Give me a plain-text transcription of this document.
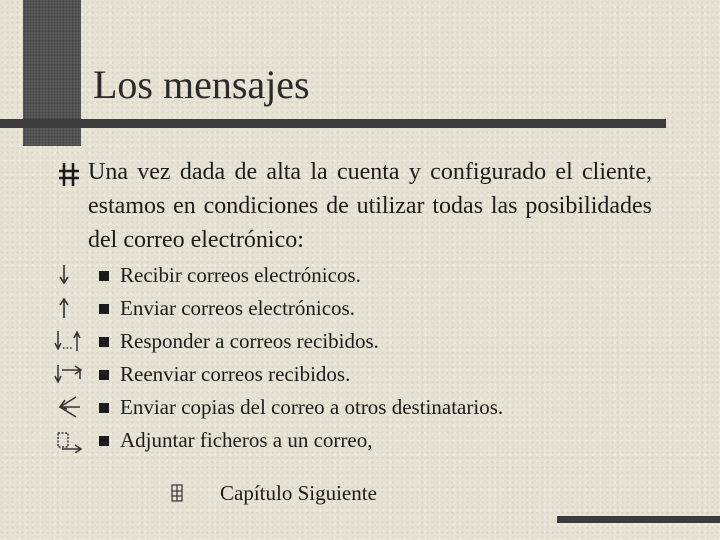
Los mensajes
Una vez dada de alta la cuenta y configurado el cliente, estamos en condiciones de utilizar todas las posibilidades del correo electrónico:
Recibir correos electrónicos.
Enviar correos electrónicos.
Responder a correos recibidos.
Reenviar correos recibidos.
Enviar copias del correo a otros destinatarios.
Adjuntar ficheros a un correo,
Capítulo Siguiente
